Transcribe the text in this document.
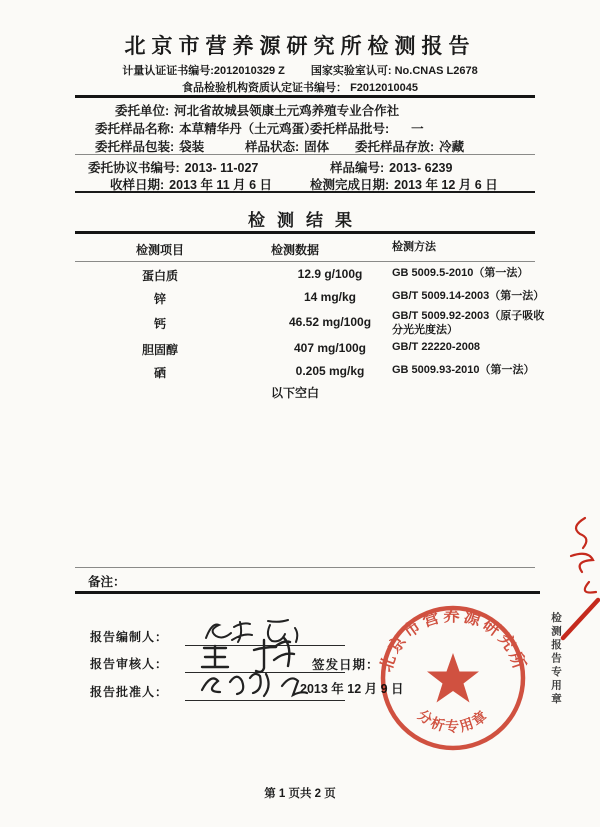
北京市营养源研究所检测报告
计量认证证书编号:2012010329 Z 国家实验室认可: No.CNAS L2678
食品检验机构资质认定证书编号： F2012010045
委托单位: 河北省故城县领康土元鸡养殖专业合作社
委托样品名称: 本草精华丹（土元鸡蛋）
委托样品批号: 一
委托样品包装: 袋装	样品状态: 固体 委托样品存放: 冷藏
委托协议书编号: 2013- 11-027	样品编号: 2013- 6239
收样日期: 2013 年 11 月 6 日	检测完成日期: 2013 年 12 月 6 日
检测结果
检测项目	检测数据	检测方法
蛋白质	12.9 g/100g	GB 5009.5-2010（第一法）
锌	14 mg/kg	GB/T 5009.14-2003（第一法）
钙	46.52 mg/100g	GB/T 5009.92-2003（原子吸收分光光度法）
胆固醇	407 mg/100g	GB/T 22220-2008
硒	0.205 mg/kg	GB 5009.93-2010（第一法）
以下空白
备注：
报告编制人：
报告审核人：
报告批准人：
签发日期：
2013 年 12 月 9 日
北京市营养源研究所
分析专用章
检测报告专用章
第 1 页共 2 页
